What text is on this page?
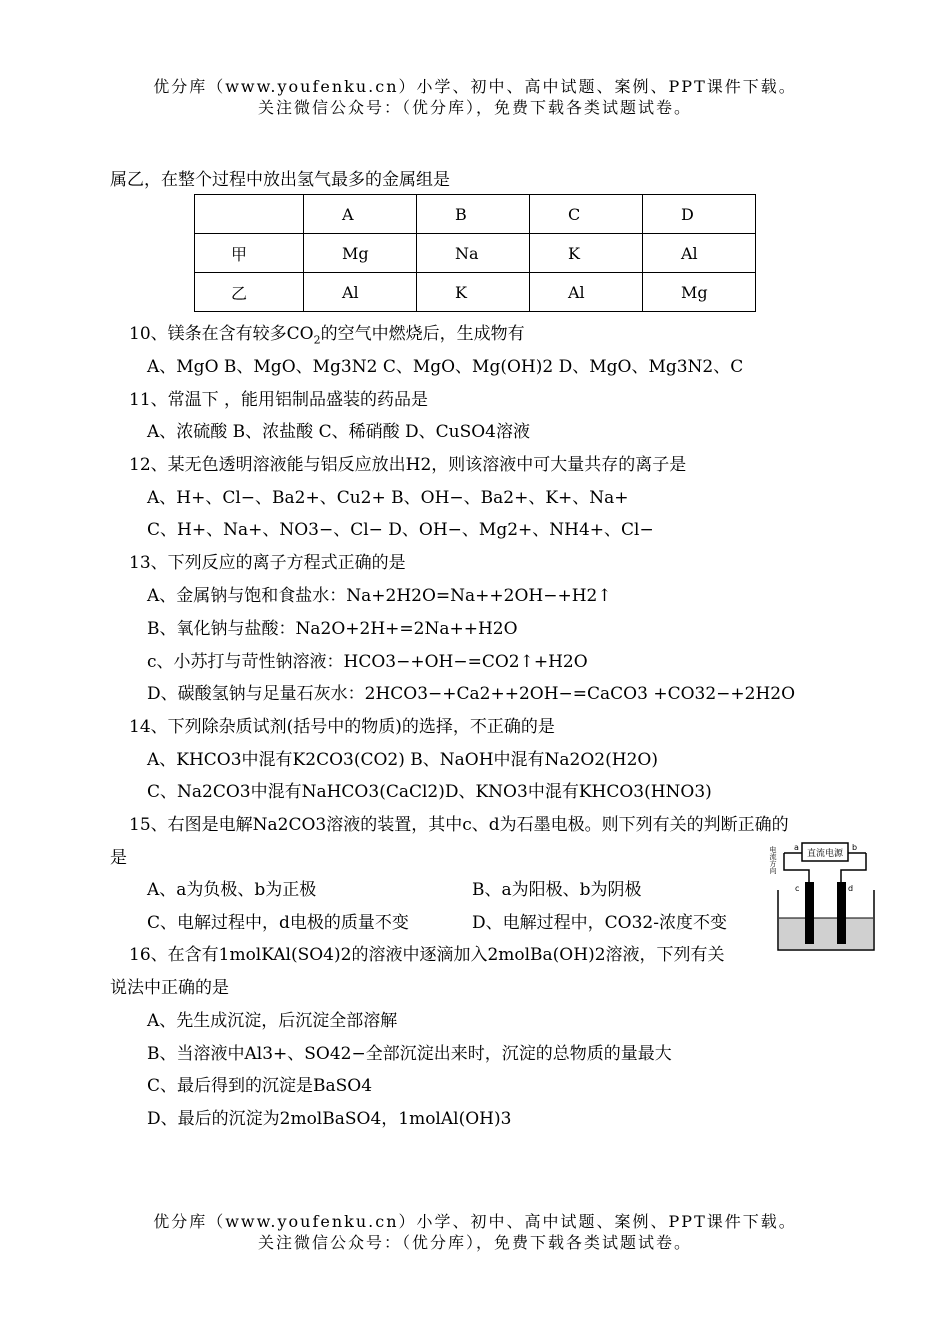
优分库（www.youfenku.cn）小学、初中、高中试题、案例、PPT课件下载。
关注微信公众号：（优分库），免费下载各类试题试卷。
属乙，在整个过程中放出氢气最多的金属组是
	A	B	C	D
甲	Mg	Na	K	Al
乙	Al	K	Al	Mg
10、镁条在含有较多$CO_2$的空气中燃烧后，生成物有
A、MgO B、MgO、Mg3N2 C、MgO、Mg(OH)2 D、MgO、Mg3N2、C
11、常温下 ，能用铝制品盛装的药品是
A、浓硫酸 B、浓盐酸 C、稀硝酸 D、CuSO4溶液
12、某无色透明溶液能与铝反应放出H2，则该溶液中可大量共存的离子是
A、H+、Cl−、Ba2+、Cu2+ B、OH−、Ba2+、K+、Na+
C、H+、Na+、NO3−、Cl− D、OH−、Mg2+、NH4+、Cl−
13、下列反应的离子方程式正确的是
A、金属钠与饱和食盐水：Na+2H2O=Na++2OH−+H2↑
B、氧化钠与盐酸：Na2O+2H+=2Na++H2O
c、小苏打与苛性钠溶液：HCO3−+OH−=CO2↑+H2O
D、碳酸氢钠与足量石灰水：2HCO3−+Ca2++2OH−=CaCO3 +CO32−+2H2O
14、下列除杂质试剂(括号中的物质)的选择，不正确的是
A、KHCO3中混有K2CO3(CO2) B、NaOH中混有Na2O2(H2O)
C、Na2CO3中混有NaHCO3(CaCl2)D、KNO3中混有KHCO3(HNO3)
15、右图是电解Na2CO3溶液的装置，其中c、d为石墨电极。则下列有关的判断正确的
是
A、a为负极、b为正极	B、a为阳极、b为阴极
C、电解过程中，d电极的质量不变	D、电解过程中，CO32-浓度不变
直流电源
a	b
电流方向
c	d
16、在含有1molKAl(SO4)2的溶液中逐滴加入2molBa(OH)2溶液，下列有关
说法中正确的是
A、先生成沉淀，后沉淀全部溶解
B、当溶液中Al3+、SO42−全部沉淀出来时，沉淀的总物质的量最大
C、最后得到的沉淀是BaSO4
D、最后的沉淀为2molBaSO4，1molAl(OH)3
优分库（www.youfenku.cn）小学、初中、高中试题、案例、PPT课件下载。
关注微信公众号：（优分库），免费下载各类试题试卷。
